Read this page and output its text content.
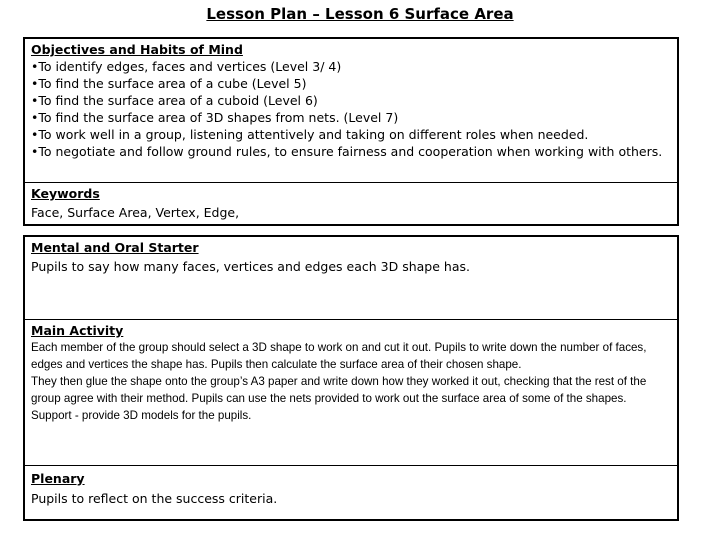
Lesson Plan – Lesson 6 Surface Area
Objectives and Habits of Mind
• To identify edges, faces and vertices (Level 3/ 4)
• To find the surface area of a cube (Level 5)
• To find the surface area of a cuboid (Level 6)
• To find the surface area of 3D shapes from nets. (Level 7)
• To work well in a group, listening attentively and taking on different roles when needed.
• To negotiate and follow ground rules, to ensure fairness and cooperation when working with others.
Keywords
Face, Surface Area, Vertex, Edge,
Mental and Oral Starter
Pupils to say how many faces, vertices and edges each 3D shape has.
Main Activity
Each member of the group should select a 3D shape to work on and cut it out. Pupils to write down the number of faces, edges and vertices the shape has. Pupils then calculate the surface area of their chosen shape.
They then glue the shape onto the group’s A3 paper and write down how they worked it out, checking that the rest of the group agree with their method. Pupils can use the nets provided to work out the surface area of some of the shapes.
Support - provide 3D models for the pupils.
Plenary
Pupils to reflect on the success criteria.
